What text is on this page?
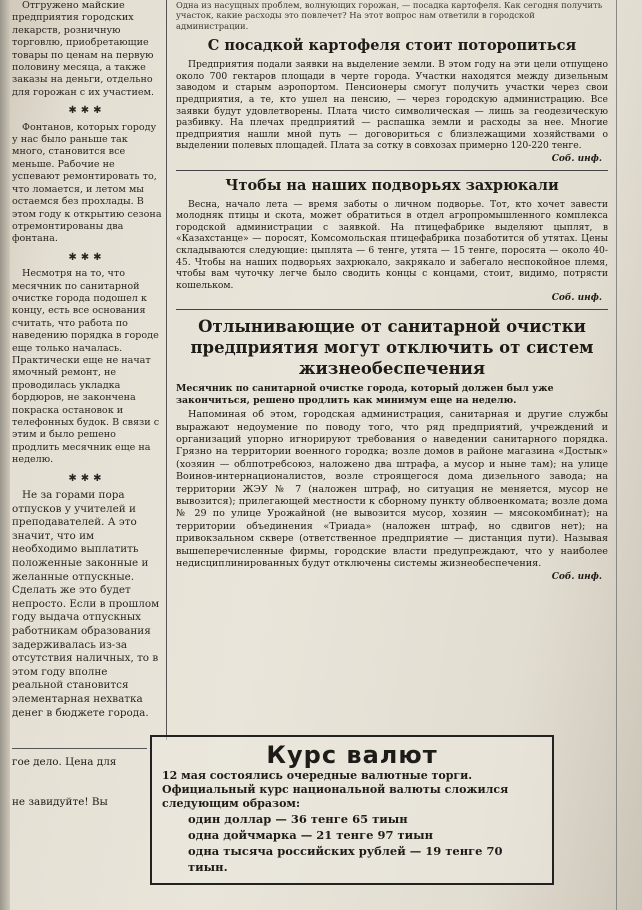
Отгружено майские предприятия городских лекарств, розничную торговлю, приобретающие товары по ценам на первую половину месяца, а также заказы на деньги, отдельно для горожан с их участием.

✱✱✱

Фонтанов, которых городу у нас было раньше так много, становится все меньше. Рабочие не успевают ремонтировать то, что ломается, и летом мы остаемся без прохлады. В этом году к открытию сезона отремонтированы два фонтана.

✱✱✱

Несмотря на то, что месячник по санитарной очистке города подошел к концу, есть все основания считать, что работа по наведению порядка в городе еще только началась. Практически еще не начат ямочный ремонт, не проводилась укладка бордюров, не закончена покраска остановок и телефонных будок. В связи с этим и было решено продлить месячник еще на неделю.

✱✱✱

Не за горами пора отпусков у учителей и преподавателей. А это значит, что им необходимо выплатить положенные законные и желанные отпускные. Сделать же это будет непросто. Если в прошлом году выдача отпускных работникам образования задерживалась из-за отсутствия наличных, то в этом году вполне реальной становится элементарная нехватка денег в бюджете города.

гое дело. Цена для
не завидуйте! Вы
Одна из насущных проблем, волнующих горожан, — посадка картофеля. Как сегодня получить участок, какие расходы это повлечет? На этот вопрос нам ответили в городской администрации.
С посадкой картофеля стоит поторопиться

Предприятия подали заявки на выделение земли. В этом году на эти цели отпущено около 700 гектаров площади в черте города. Участки находятся между дизельным заводом и старым аэропортом. Пенсионеры смогут получить участки через свои предприятия, а те, кто ушел на пенсию, — через городскую администрацию. Все заявки будут удовлетворены. Плата чисто символическая — лишь за геодезическую разбивку. На плечах предприятий — распашка земли и расходы за нее. Многие предприятия нашли мной путь — договориться с близлежащими хозяйствами о выделении полевых площадей. Плата за сотку в совхозах примерно 120-220 тенге.

Соб. инф.
Чтобы на наших подворьях захрюкали

Весна, начало лета — время заботы о личном подворье. Тот, кто хочет завести молодняк птицы и скота, может обратиться в отдел агропромышленного комплекса городской администрации с заявкой. На птицефабрике выделяют цыплят, в «Казахстанце» — поросят, Комсомольская птицефабрика позаботится об утятах. Цены складываются следующие: цыплята — 6 тенге, утята — 15 тенге, поросята — около 40-45. Чтобы на наших подворьях захрюкало, закрякало и забегало неспокойное племя, чтобы вам чуточку легче было сводить концы с концами, стоит, видимо, потрясти кошельком.

Соб. инф.
Отлынивающие от санитарной очистки предприятия могут отключить от систем жизнеобеспечения
Месячник по санитарной очистке города, который должен был уже закончиться, решено продлить как минимум еще на неделю.

Напоминая об этом, городская администрация, санитарная и другие службы выражают недоумение по поводу того, что ряд предприятий, учреждений и организаций упорно игнорируют требования о наведении санитарного порядка. Грязно на территории военного городка; возле домов в районе магазина «Достык» (хозяин — облпотребсоюз, наложено два штрафа, а мусор и ныне там); на улице Воинов-интернационалистов, возле строящегося дома дизельного завода; на территории ЖЭУ № 7 (наложен штраф, но ситуация не меняется, мусор не вывозится); прилегающей местности к сборному пункту облвоенкомата; возле дома № 29 по улице Урожайной (не вывозится мусор, хозяин — мясокомбинат); на территории объединения «Триада» (наложен штраф, но сдвигов нет); на привокзальном сквере (ответственное предприятие — дистанция пути). Называя вышеперечисленные фирмы, городские власти предупреждают, что у наиболее недисциплинированных будут отключены системы жизнеобеспечения.

Соб. инф.
Курс валют
12 мая состоялись очередные валютные торги. Официальный курс национальной валюты сложился следующим образом:
один доллар — 36 тенге 65 тиын
одна дойчмарка — 21 тенге 97 тиын
одна тысяча российских рублей — 19 тенге 70 тиын.
